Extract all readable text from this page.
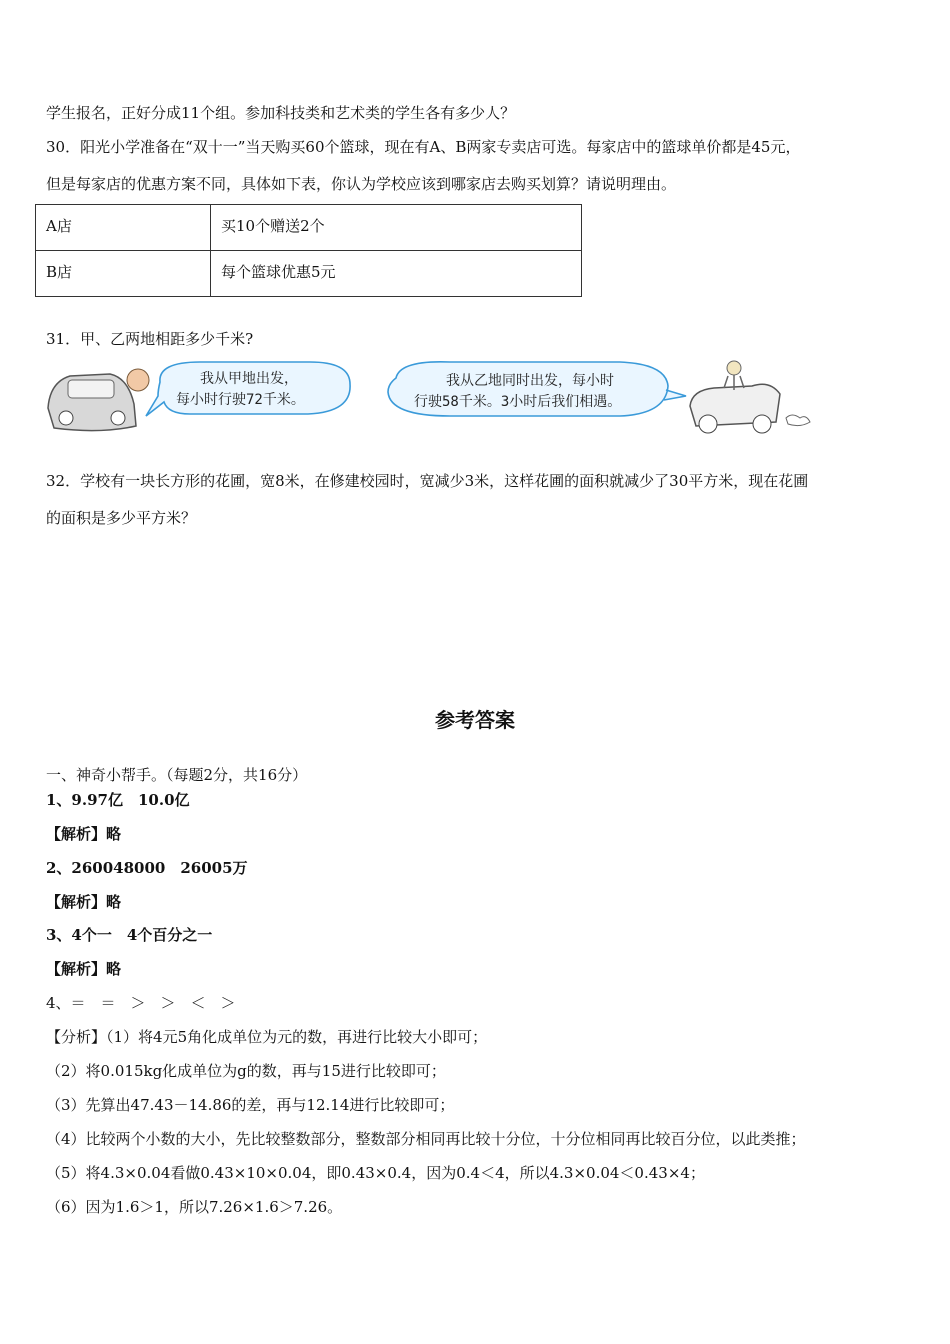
学生报名，正好分成11个组。参加科技类和艺术类的学生各有多少人？
30．阳光小学准备在“双十一”当天购买60个篮球，现在有A、B两家专卖店可选。每家店中的篮球单价都是45元，
但是每家店的优惠方案不同，具体如下表，你认为学校应该到哪家店去购买划算？请说明理由。
A店	买10个赠送2个
B店	每个篮球优惠5元
31．甲、乙两地相距多少千米?
我从甲地出发，
每小时行驶72千米。
我从乙地同时出发，每小时
行驶58千米。3小时后我们相遇。
32．学校有一块长方形的花圃，宽8米，在修建校园时，宽减少3米，这样花圃的面积就减少了30平方米，现在花圃
的面积是多少平方米？
参考答案
一、神奇小帮手。（每题2分，共16分）
1、9.97亿　10.0亿
【解析】略
2、260048000　26005万
【解析】略
3、4个一　4个百分之一
【解析】略
4、＝　＝　＞　＞　＜　＞
【分析】（1）将4元5角化成单位为元的数，再进行比较大小即可；
（2）将0.015kg化成单位为g的数，再与15进行比较即可；
（3）先算出47.43－14.86的差，再与12.14进行比较即可；
（4）比较两个小数的大小，先比较整数部分，整数部分相同再比较十分位，十分位相同再比较百分位，以此类推；
（5）将4.3×0.04看做0.43×10×0.04，即0.43×0.4，因为0.4＜4，所以4.3×0.04＜0.43×4；
（6）因为1.6＞1，所以7.26×1.6＞7.26。
